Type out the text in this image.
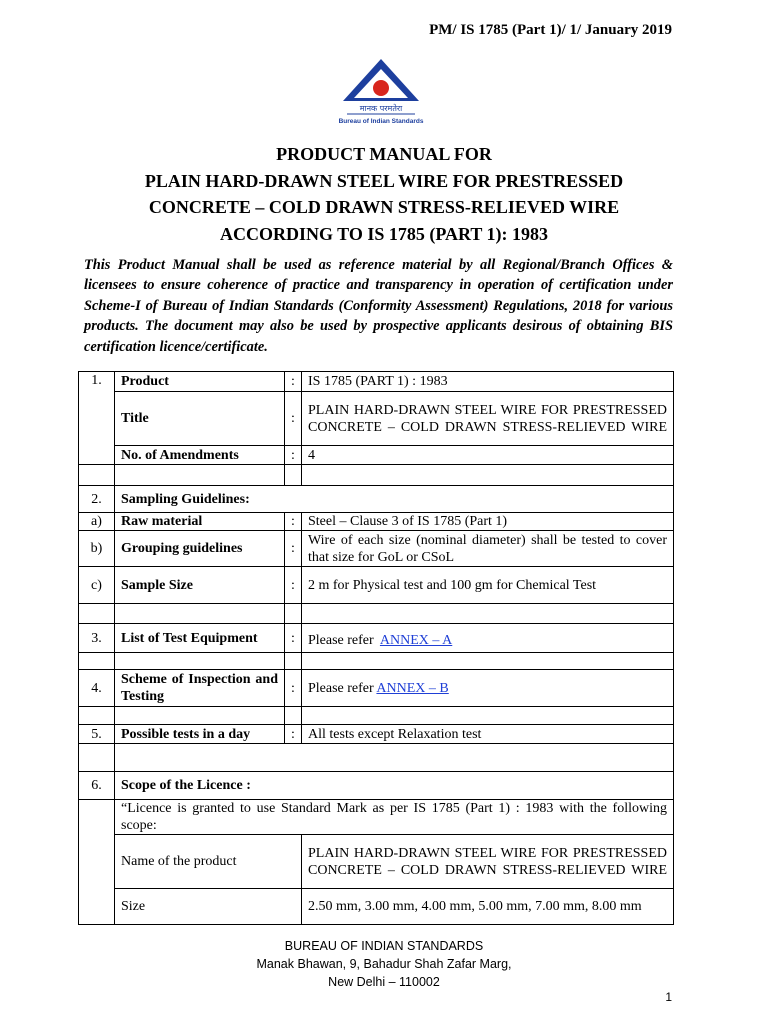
PM/ IS 1785 (Part 1)/ 1/ January 2019
मानक परमतेरा
Bureau of Indian Standards
PRODUCT MANUAL FOR
PLAIN HARD-DRAWN STEEL WIRE FOR PRESTRESSED
CONCRETE – COLD DRAWN STRESS-RELIEVED WIRE
ACCORDING TO IS 1785 (PART 1): 1983
This Product Manual shall be used as reference material by all Regional/Branch Offices & licensees to ensure coherence of practice and transparency in operation of certification under Scheme-I of Bureau of Indian Standards (Conformity Assessment) Regulations, 2018 for various products. The document may also be used by prospective applicants desirous of obtaining BIS certification licence/certificate.
1.	Product	:	IS 1785 (PART 1) : 1983
	Title	:	PLAIN HARD-DRAWN STEEL WIRE FOR PRESTRESSED CONCRETE – COLD DRAWN STRESS-RELIEVED WIRE
	No. of Amendments	:	4

2.	Sampling Guidelines:		
a)	Raw material	:	Steel – Clause 3 of IS 1785 (Part 1)
b)	Grouping guidelines	:	Wire of each size (nominal diameter) shall be tested to cover that size for GoL or CSoL
c)	Sample Size	:	2 m for Physical test and 100 gm for Chemical Test

3.	List of Test Equipment	:	Please refer ANNEX – A

4.	Scheme of Inspection and Testing	:	Please refer ANNEX – B

5.	Possible tests in a day	:	All tests except Relaxation test

6.	Scope of the Licence :		
	“Licence is granted to use Standard Mark as per IS 1785 (Part 1) : 1983 with the following scope:		
	Name of the product		PLAIN HARD-DRAWN STEEL WIRE FOR PRESTRESSED CONCRETE – COLD DRAWN STRESS-RELIEVED WIRE
	Size		2.50 mm, 3.00 mm, 4.00 mm, 5.00 mm, 7.00 mm, 8.00 mm
BUREAU OF INDIAN STANDARDS
Manak Bhawan, 9, Bahadur Shah Zafar Marg,
New Delhi – 110002
1
